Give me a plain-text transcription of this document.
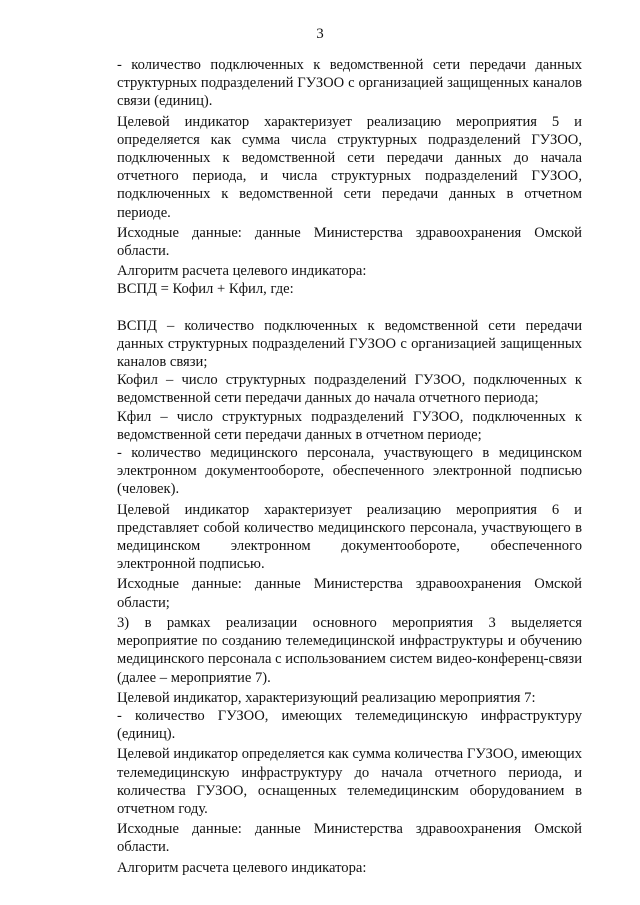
3

- количество подключенных к ведомственной сети передачи данных структурных подразделений ГУЗОО с организацией защищенных каналов связи (единиц).

Целевой индикатор характеризует реализацию мероприятия 5 и определяется как сумма числа структурных подразделений ГУЗОО, подключенных к ведомственной сети передачи данных до начала отчетного периода, и числа структурных подразделений ГУЗОО, подключенных к ведомственной сети передачи данных в отчетном периоде.

Исходные данные: данные Министерства здравоохранения Омской области.

Алгоритм расчета целевого индикатора:

ВСПД = Кофил + Кфил, где:

ВСПД – количество подключенных к ведомственной сети передачи данных структурных подразделений ГУЗОО с организацией защищенных каналов связи;

Кофил – число структурных подразделений ГУЗОО, подключенных к ведомственной сети передачи данных до начала отчетного периода;

Кфил – число структурных подразделений ГУЗОО, подключенных к ведомственной сети передачи данных в отчетном периоде;

- количество медицинского персонала, участвующего в медицинском электронном документообороте, обеспеченного электронной подписью (человек).

Целевой индикатор характеризует реализацию мероприятия 6 и представляет собой количество медицинского персонала, участвующего в медицинском электронном документообороте, обеспеченного электронной подписью.

Исходные данные: данные Министерства здравоохранения Омской области;

3) в рамках реализации основного мероприятия 3 выделяется мероприятие по созданию телемедицинской инфраструктуры и обучению медицинского персонала с использованием систем видео-конференц-связи (далее – мероприятие 7).

Целевой индикатор, характеризующий реализацию мероприятия 7:

- количество ГУЗОО, имеющих телемедицинскую инфраструктуру (единиц).

Целевой индикатор определяется как сумма количества ГУЗОО, имеющих телемедицинскую инфраструктуру до начала отчетного периода, и количества ГУЗОО, оснащенных телемедицинским оборудованием в отчетном году.

Исходные данные: данные Министерства здравоохранения Омской области.

Алгоритм расчета целевого индикатора:
